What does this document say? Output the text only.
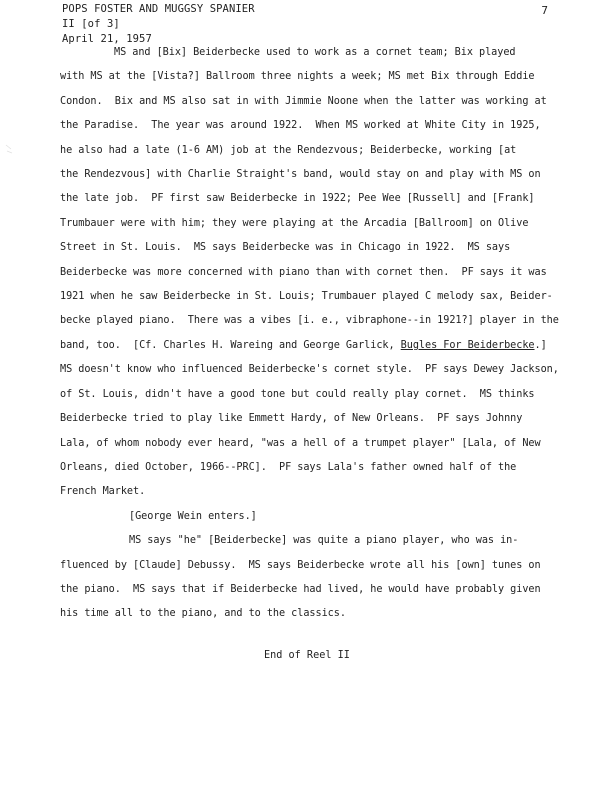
POPS FOSTER AND MUGGSY SPANIER
II [of 3]
April 21, 1957
7
MS and [Bix] Beiderbecke used to work as a cornet team; Bix played
with MS at the [Vista?] Ballroom three nights a week; MS met Bix through Eddie
Condon.  Bix and MS also sat in with Jimmie Noone when the latter was working at
the Paradise.  The year was around 1922.  When MS worked at White City in 1925,
he also had a late (1-6 AM) job at the Rendezvous; Beiderbecke, working [at
the Rendezvous] with Charlie Straight's band, would stay on and play with MS on
the late job.  PF first saw Beiderbecke in 1922; Pee Wee [Russell] and [Frank]
Trumbauer were with him; they were playing at the Arcadia [Ballroom] on Olive
Street in St. Louis.  MS says Beiderbecke was in Chicago in 1922.  MS says
Beiderbecke was more concerned with piano than with cornet then.  PF says it was
1921 when he saw Beiderbecke in St. Louis; Trumbauer played C melody sax, Beider-
becke played piano.  There was a vibes [i. e., vibraphone--in 1921?] player in the
band, too.  [Cf. Charles H. Wareing and George Garlick, Bugles For Beiderbecke.]
MS doesn't know who influenced Beiderbecke's cornet style.  PF says Dewey Jackson,
of St. Louis, didn't have a good tone but could really play cornet.  MS thinks
Beiderbecke tried to play like Emmett Hardy, of New Orleans.  PF says Johnny
Lala, of whom nobody ever heard, "was a hell of a trumpet player" [Lala, of New
Orleans, died October, 1966--PRC].  PF says Lala's father owned half of the
French Market.
[George Wein enters.]
MS says "he" [Beiderbecke] was quite a piano player, who was in-
fluenced by [Claude] Debussy.  MS says Beiderbecke wrote all his [own] tunes on
the piano.  MS says that if Beiderbecke had lived, he would have probably given
his time all to the piano, and to the classics.
End of Reel II
